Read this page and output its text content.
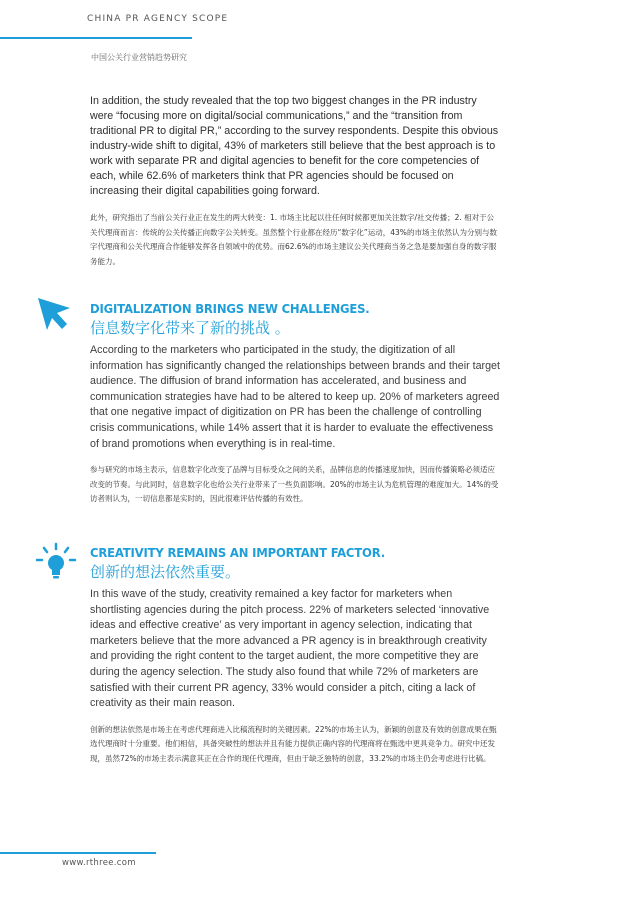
CHINA PR AGENCY SCOPE
中国公关行业营销趋势研究

In addition, the study revealed that the top two biggest changes in the PR industry were “focusing more on digital/social communications,” and the “transition from traditional PR to digital PR,” according to the survey respondents. Despite this obvious industry-wide shift to digital, 43% of marketers still believe that the best approach is to work with separate PR and digital agencies to benefit for the core competencies of each, while 62.6% of marketers think that PR agencies should be focused on increasing their digital capabilities going forward.

此外，研究指出了当前公关行业正在发生的两大转变：1. 市场主比起以往任何时候都更加关注数字/社交传播；2. 相对于公关代理商而言：传统的公关传播正向数字公关转变。虽然整个行业都在经历“数字化”运动，43%的市场主依然认为分别与数字代理商和公关代理商合作能够发挥各自领域中的优势。而62.6%的市场主建议公关代理商当务之急是要加强自身的数字服务能力。

DIGITALIZATION BRINGS NEW CHALLENGES.
信息数字化带来了新的挑战 。

According to the marketers who participated in the study, the digitization of all information has significantly changed the relationships between brands and their target audience. The diffusion of brand information has accelerated, and business and communication strategies have had to be altered to keep up. 20% of marketers agreed that one negative impact of digitization on PR has been the challenge of controlling crisis communications, while 14% assert that it is harder to evaluate the effectiveness of brand promotions when everything is in real-time.

参与研究的市场主表示，信息数字化改变了品牌与目标受众之间的关系，品牌信息的传播速度加快，因而传播策略必须适应改变的节奏。与此同时，信息数字化也给公关行业带来了一些负面影响。20%的市场主认为危机管理的难度加大。14%的受访者则认为，一切信息都是实时的，因此很难评估传播的有效性。

CREATIVITY REMAINS AN IMPORTANT FACTOR.
创新的想法依然重要。

In this wave of the study, creativity remained a key factor for marketers when shortlisting agencies during the pitch process. 22% of marketers selected ‘innovative ideas and effective creative’ as very important in agency selection, indicating that marketers believe that the more advanced a PR agency is in breakthrough creativity and providing the right content to the target audient, the more competitive they are during the agency selection. The study also found that while 72% of marketers are satisfied with their current PR agency, 33% would consider a pitch, citing a lack of creativity as their main reason.

创新的想法依然是市场主在考虑代理商进入比稿流程时的关键因素。22%的市场主认为，新颖的创意及有效的创意成果在甄选代理商时十分重要。他们相信，具备突破性的想法并且有能力提供正确内容的代理商将在甄选中更具竞争力。研究中还发现，虽然72%的市场主表示满意其正在合作的现任代理商，但由于缺乏独特的创意，33.2%的市场主仍会考虑进行比稿。

www.rthree.com
